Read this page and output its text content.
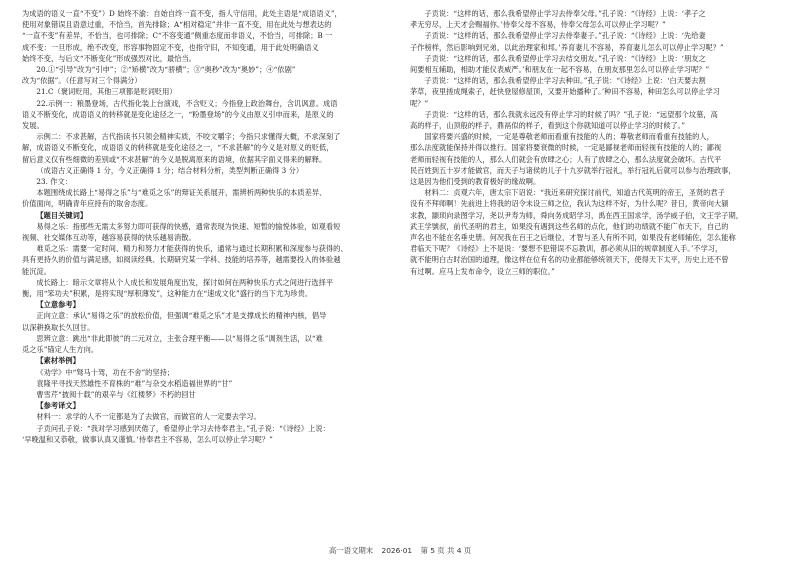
为成语的语义一直“不变”）D 始终不渝：自始自终一直不变，指人守信用，此处主语是“成语语义”，

使用对象错误且语意过重，不恰当，首先排除；A“相对稳定”并非一直不变，用在此处与想表达的

“一直不变”有差异，不恰当，也可排除；C“不容变通”侧重态度而非语义，不恰当，可排除；B 一

成不变：一旦形成，绝不改变，形容事物固定不变，也指守旧，不知变通，用于此处明确语义

始终不变，与后文“不断变化”形成强烈对比，最恰当。

20.①“引导”改为“引申”；②“矫横”改为“骄横”；③“奥秒”改为“奥妙”；④“依剧”

改为“依据”。（任意写对三个得满分）

21.C（褒词贬用，其他三项都是贬词贬用）

22.示例一：粮墨登场，古代指化装上台演戏，不含贬义；今指登上政治舞台，含讥讽意。成语

语义不断变化，成语语义的转移就是变化途径之一，“粉墨登场”的今义由原义引申而来，是原义的

发展。

示例二：不求甚解，古代指读书只领会精神实质，不咬文嚼字；今指只求懂得大概，不求深刻了

解，成语语义不断变化，成语语义的转移就是变化途径之一，“不求甚解”的今义是对原义的贬低，

留后意义仅有些细微的差别或“不求甚解”的今义是脱离原来的语境，依据其字面义得来的解释。

（成语古义正确得 1 分，今义正确得 1 分；结合材料分析，类型判断正确得 3 分）

23. 作文：

本题围绕成长路上“易得之乐”与“难觅之乐”的辩证关系展开，需辨析两种快乐的本质差异、

价值面向，明确青年应持有的取舍态度。

【题目关键词】

易得之乐：指那些无需太多努力即可获得的快感，通常表现为快速、短暂的愉悦体验，如观看短

视频、社交媒体互动等，越容易获得的快乐越易消散。

难觅之乐：需要一定时间、精力和努力才能获得的快乐，通常与通过长期积累和深度参与获得的、

具有更持久的价值与满足感，如阅读经典、长期研究某一学科、技能的培养等，越需要投入的体验越

能沉淀。

成长路上：暗示文章将从个人成长和发展角度出发，探讨如何在两种快乐方式之间进行选择平

衡，用“笨功夫”积累，是将实现“厚积薄发”，这种能力在“速成文化”盛行的当下尤为珍贵。

【立意参考】

正向立意：承认“易得之乐”的放松价值，但强调“难觅之乐”才是支撑成长的精神内核，倡导

以深耕换取长久回甘。

思辨立意：跳出“非此即彼”的二元对立，主张合理平衡——以“易得之乐”调剂生活，以“难

觅之乐”锚定人生方向。

【素材举例】

《劝学》中“驽马十驾，功在不舍”的坚持；

袁隆平寻找天然雄性不育株的“难”与杂交水稻造福世界的“甘”

曹雪芹“披阅十载”的艰辛与《红楼梦》不朽的回甘

【参考译文】

材料一：求学的人不一定都是为了去做官，而做官的人一定要去学习。

子贡问孔子说：“我对学习感到厌倦了，希望停止学习去侍奉君主。”孔子说：“《诗经》上说：

‘早晚温和又恭敬，做事认真又谨慎。’侍奉君主不容易，怎么可以停止学习呢？”

子贡说：“这样的话，那么我希望停止学习去侍奉父母。”孔子说：“《诗经》上说：‘孝子之

孝无穷尽，上天才会赐福你。’侍奉父母不容易，侍奉父母怎么可以停止学习呢？”

子贡说：“这样的话，那么我希望停止学习去侍奉妻子。”孔子说：“《诗经》上说：‘先给妻

子作榜样，然后影响到兄弟，以此治理家和邦。’养育妻儿不容易，养育妻儿怎么可以停止学习呢？”

子贡说：“这样的话，那么我希望停止学习去结交朋友。”孔子说：“《诗经》上说：‘朋友之

间要相互辅助，相助才能仪表威严。’和朋友在一起不容易，在朋友那里怎么可以停止学习呢？”

子贡说：“这样的话，那么我希望停止学习去种田。”孔子说：“《诗经》上说：‘白天要去割

茅草，夜里搓成绳索子，赶快登屋修屋顶，又要开始播种了。’种田不容易，种田怎么可以停止学习

呢？”

子贡说：“这样的话，那么我就永远没有停止学习的时候了吗？”孔子说：“远望那个坟墓，高

高的样子，山顶般的样子，鼎鬲似的样子，看到这个你就知道可以停止学习的时候了。”

国家将要兴盛的时候，一定是尊敬老师而看重有技能的人的；尊敬老师而看重有技能的人，

那么法度就能保持并得以推行。国家将要衰微的时候，一定是鄙视老师而轻视有技能的人的；鄙视

老师而轻视有技能的人，那么人们就会有放肆之心；人有了放肆之心，那么法度就会破坏。古代平

民百姓到五十岁才能做官，而天子与诸侯的儿子十九岁就举行冠礼，举行冠礼后就可以参与治理政事，

这是因为他们受到的教育极好的缘故啊。

材料二：贞观六年，唐太宗下诏说：“我近来研究探讨前代，知道古代英明的帝王，圣贤的君子

没有不拜师啊！先前进上将我的诏令未设三师之位，我认为这样不好，为什么呢？昔日，黄帝向大颍

求教，颛顼向录图学习，尧以尹寿为师，舜向务成昭学习，禹在西王国求学，汤学威子伯，文王学子期，

武王学號叔，前代圣明的君主，如果没有遇到这些名师的点化，他们的功绩就不能广布天下，自己的

声名也不能在名垂史册。何况我在百王之后继位，才智与圣人有所不同，如果没有老师辅佐，怎么能称

君临天下呢？《诗经》上不是说：‘要想不犯错误不忘教训，都必须从旧的规章制度入手。’不学习，

就不能明白古时治国的道理，像这样在位有名的功业都能够统领天下，使得天下太平，历史上还不曾

有过啊。应马上发布命令，设立三师的职位。”

高一语文期末 2026·01 第 5 页 共 4 页
